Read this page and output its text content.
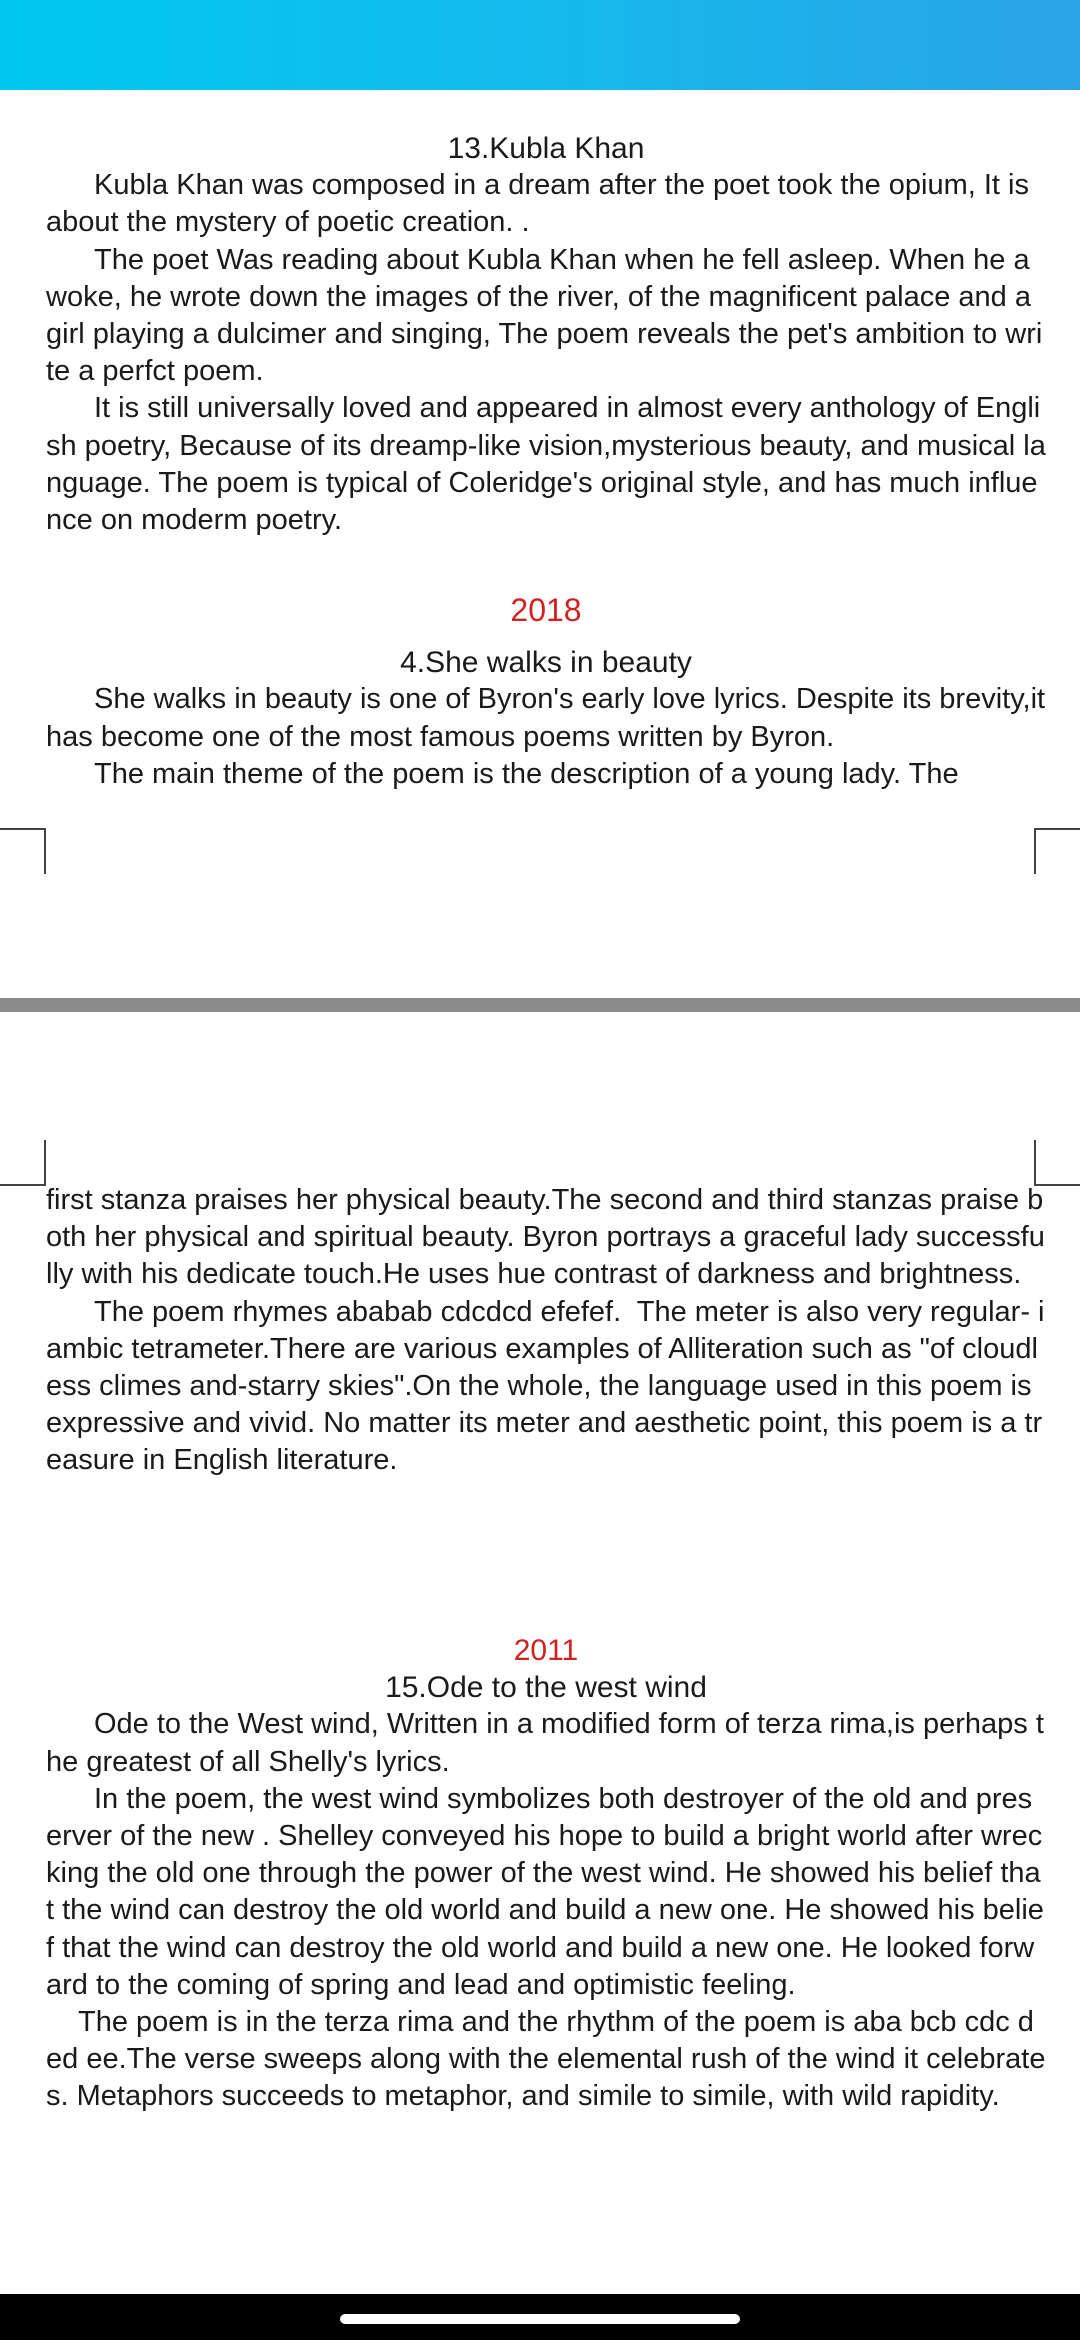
13.Kubla Khan
Kubla Khan was composed in a dream after the poet took the opium, It is about the mystery of poetic creation. .
The poet Was reading about Kubla Khan when he fell asleep. When he awoke, he wrote down the images of the river, of the magnificent palace and a girl playing a dulcimer and singing, The poem reveals the pet's ambition to write a perfct poem.
It is still universally loved and appeared in almost every anthology of English poetry, Because of its dreamp-like vision,mysterious beauty, and musical language. The poem is typical of Coleridge's original style, and has much influence on moderm poetry.
2018
4.She walks in beauty
She walks in beauty is one of Byron's early love lyrics. Despite its brevity,it has become one of the most famous poems written by Byron.
The main theme of the poem is the description of a young lady. The
first stanza praises her physical beauty.The second and third stanzas praise both her physical and spiritual beauty. Byron portrays a graceful lady successfully with his dedicate touch.He uses hue contrast of darkness and brightness.
The poem rhymes ababab cdcdcd efefef.  The meter is also very regular- iambic tetrameter.There are various examples of Alliteration such as "of cloudless climes and-starry skies".On the whole, the language used in this poem is expressive and vivid. No matter its meter and aesthetic point, this poem is a treasure in English literature.
2011
15.Ode to the west wind
Ode to the West wind, Written in a modified form of terza rima,is perhaps the greatest of all Shelly's lyrics.
In the poem, the west wind symbolizes both destroyer of the old and preserver of the new . Shelley conveyed his hope to build a bright world after wrecking the old one through the power of the west wind. He showed his belief that the wind can destroy the old world and build a new one. He showed his belief that the wind can destroy the old world and build a new one. He looked forward to the coming of spring and lead and optimistic feeling.
The poem is in the terza rima and the rhythm of the poem is aba bcb cdc ded ee.The verse sweeps along with the elemental rush of the wind it celebrates. Metaphors succeeds to metaphor, and simile to simile, with wild rapidity.
